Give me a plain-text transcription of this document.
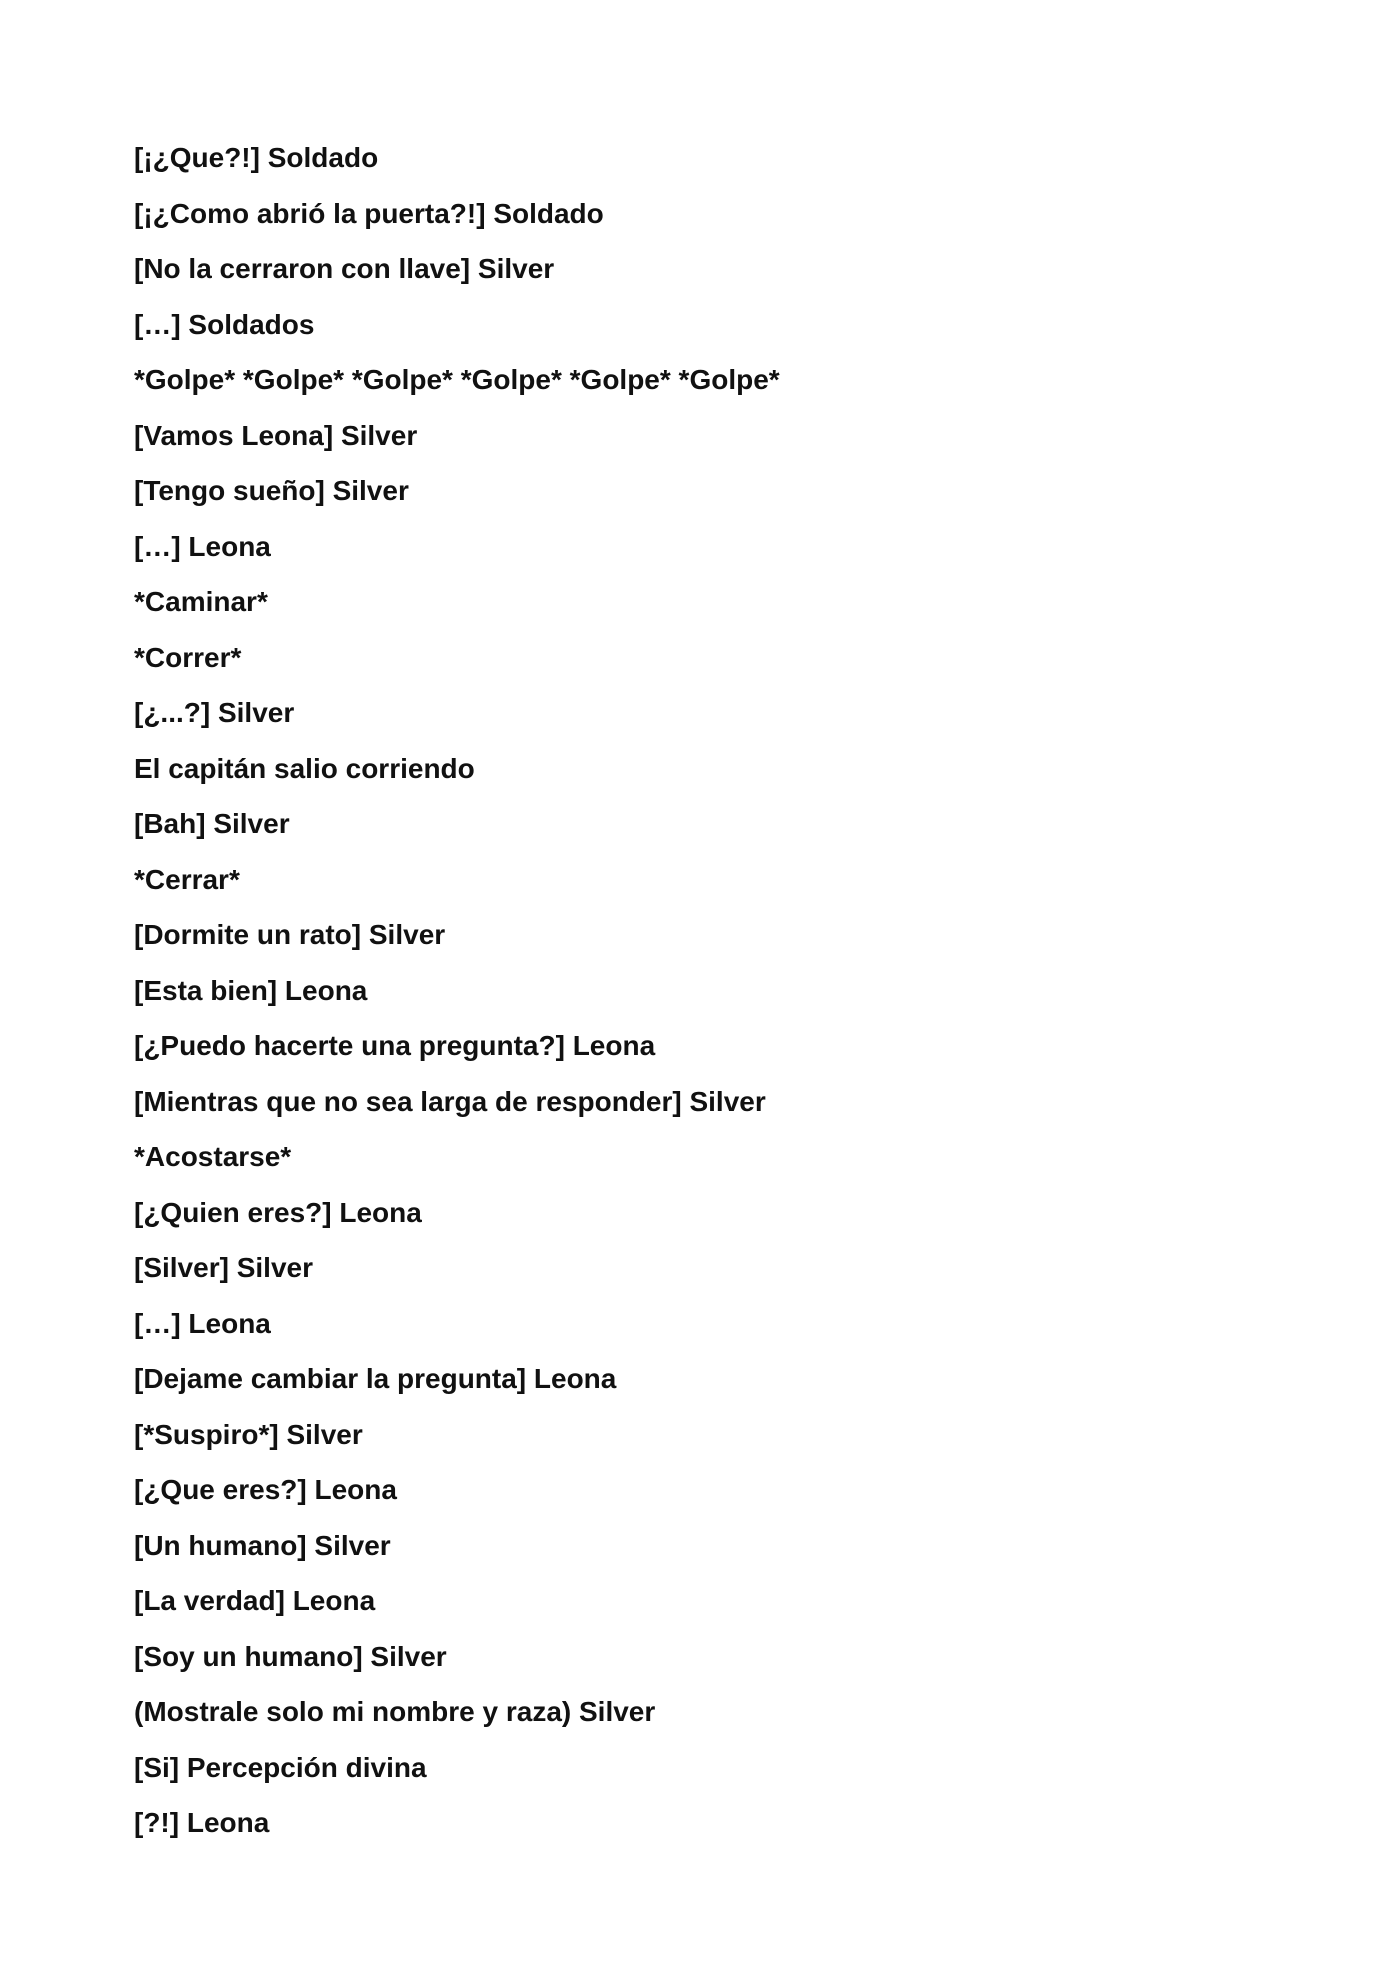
[¡¿Que?!] Soldado
[¡¿Como abrió la puerta?!] Soldado
[No la cerraron con llave] Silver
[…] Soldados
*Golpe* *Golpe* *Golpe* *Golpe* *Golpe* *Golpe*
[Vamos Leona] Silver
[Tengo sueño] Silver
[…] Leona
*Caminar*
*Correr*
[¿...?] Silver
El capitán salio corriendo
[Bah] Silver
*Cerrar*
[Dormite un rato] Silver
[Esta bien] Leona
[¿Puedo hacerte una pregunta?] Leona
[Mientras que no sea larga de responder] Silver
*Acostarse*
[¿Quien eres?] Leona
[Silver] Silver
[…] Leona
[Dejame cambiar la pregunta] Leona
[*Suspiro*] Silver
[¿Que eres?] Leona
[Un humano] Silver
[La verdad] Leona
[Soy un humano] Silver
(Mostrale solo mi nombre y raza) Silver
[Si] Percepción divina
[?!] Leona
